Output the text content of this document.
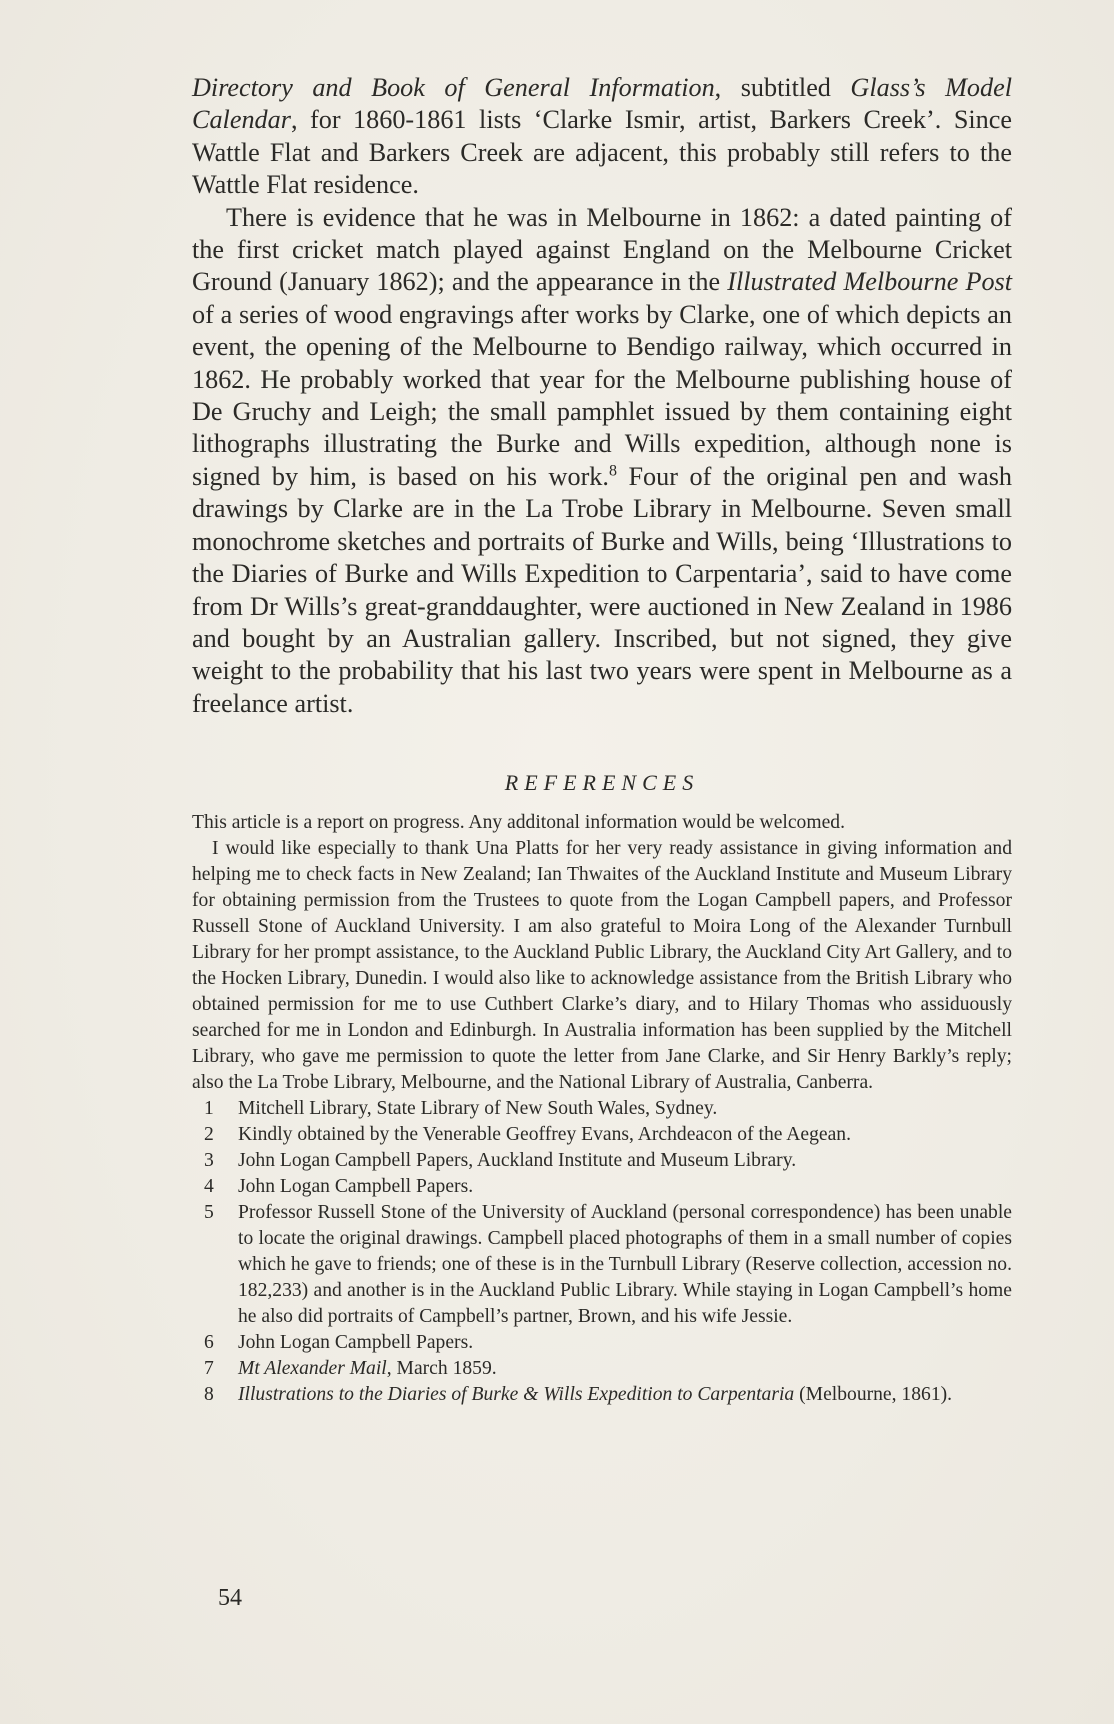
Directory and Book of General Information, subtitled Glass’s Model Calendar, for 1860-1861 lists ‘Clarke Ismir, artist, Barkers Creek’. Since Wattle Flat and Barkers Creek are adjacent, this probably still refers to the Wattle Flat residence.

There is evidence that he was in Melbourne in 1862: a dated painting of the first cricket match played against England on the Melbourne Cricket Ground (January 1862); and the appearance in the Illustrated Melbourne Post of a series of wood engravings after works by Clarke, one of which depicts an event, the opening of the Melbourne to Bendigo railway, which occurred in 1862. He probably worked that year for the Melbourne publishing house of De Gruchy and Leigh; the small pamphlet issued by them containing eight lithographs illustrating the Burke and Wills expedition, although none is signed by him, is based on his work.$^8$ Four of the original pen and wash drawings by Clarke are in the La Trobe Library in Melbourne. Seven small monochrome sketches and portraits of Burke and Wills, being ‘Illustrations to the Diaries of Burke and Wills Expedition to Carpentaria’, said to have come from Dr Wills’s great-granddaughter, were auctioned in New Zealand in 1986 and bought by an Australian gallery. Inscribed, but not signed, they give weight to the probability that his last two years were spent in Melbourne as a freelance artist.

REFERENCES

This article is a report on progress. Any additonal information would be welcomed.

I would like especially to thank Una Platts for her very ready assistance in giving information and helping me to check facts in New Zealand; Ian Thwaites of the Auckland Institute and Museum Library for obtaining permission from the Trustees to quote from the Logan Campbell papers, and Professor Russell Stone of Auckland University. I am also grateful to Moira Long of the Alexander Turnbull Library for her prompt assistance, to the Auckland Public Library, the Auckland City Art Gallery, and to the Hocken Library, Dunedin. I would also like to acknowledge assistance from the British Library who obtained permission for me to use Cuthbert Clarke’s diary, and to Hilary Thomas who assiduously searched for me in London and Edinburgh. In Australia information has been supplied by the Mitchell Library, who gave me permission to quote the letter from Jane Clarke, and Sir Henry Barkly’s reply; also the La Trobe Library, Melbourne, and the National Library of Australia, Canberra.

1	Mitchell Library, State Library of New South Wales, Sydney.
2	Kindly obtained by the Venerable Geoffrey Evans, Archdeacon of the Aegean.
3	John Logan Campbell Papers, Auckland Institute and Museum Library.
4	John Logan Campbell Papers.
5	Professor Russell Stone of the University of Auckland (personal correspondence) has been unable to locate the original drawings. Campbell placed photographs of them in a small number of copies which he gave to friends; one of these is in the Turnbull Library (Reserve collection, accession no. 182,233) and another is in the Auckland Public Library. While staying in Logan Campbell’s home he also did portraits of Campbell’s partner, Brown, and his wife Jessie.
6	John Logan Campbell Papers.
7	Mt Alexander Mail, March 1859.
8	Illustrations to the Diaries of Burke & Wills Expedition to Carpentaria (Melbourne, 1861).
54
